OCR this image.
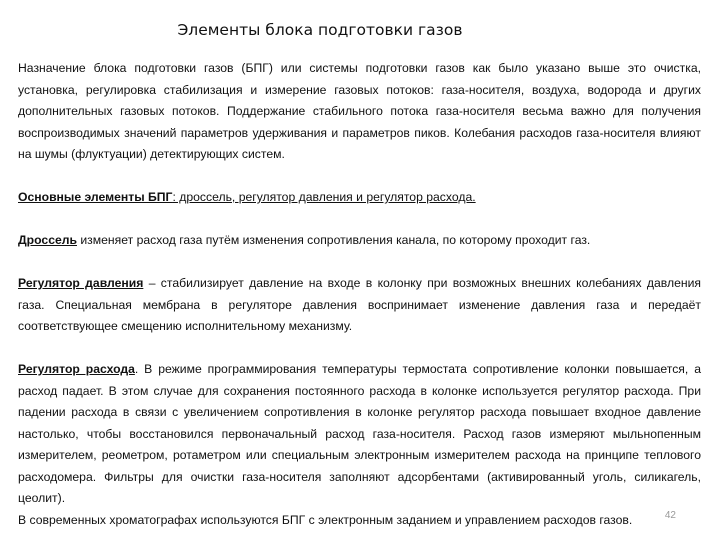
Элементы блока подготовки газов

Назначение блока подготовки газов (БПГ) или системы подготовки газов как было указано выше это очистка, установка, регулировка стабилизация и измерение газовых потоков: газа-носителя, воздуха, водорода и других дополнительных газовых потоков. Поддержание стабильного потока газа-носителя весьма важно для получения воспроизводимых значений параметров удерживания и параметров пиков. Колебания расходов газа-носителя влияют на шумы (флуктуации) детектирующих систем.

Основные элементы БПГ: дроссель, регулятор давления и регулятор расхода.

Дроссель изменяет расход газа путём изменения сопротивления канала, по которому проходит газ.

Регулятор давления – стабилизирует давление на входе в колонку при возможных внешних колебаниях давления газа. Специальная мембрана в регуляторе давления воспринимает изменение давления газа и передаёт соответствующее смещению исполнительному механизму.

Регулятор расхода. В режиме программирования температуры термостата сопротивление колонки повышается, а расход падает. В этом случае для сохранения постоянного расхода в колонке используется регулятор расхода. При падении расхода в связи с увеличением сопротивления в колонке регулятор расхода повышает входное давление настолько, чтобы восстановился первоначальный расход газа-носителя. Расход газов измеряют мыльнопенным измерителем, реометром, ротаметром или специальным электронным измерителем расхода на принципе теплового расходомера. Фильтры для очистки газа-носителя заполняют адсорбентами (активированный уголь, силикагель, цеолит).

В современных хроматографах используются БПГ с электронным заданием и управлением расходов газов.	42
